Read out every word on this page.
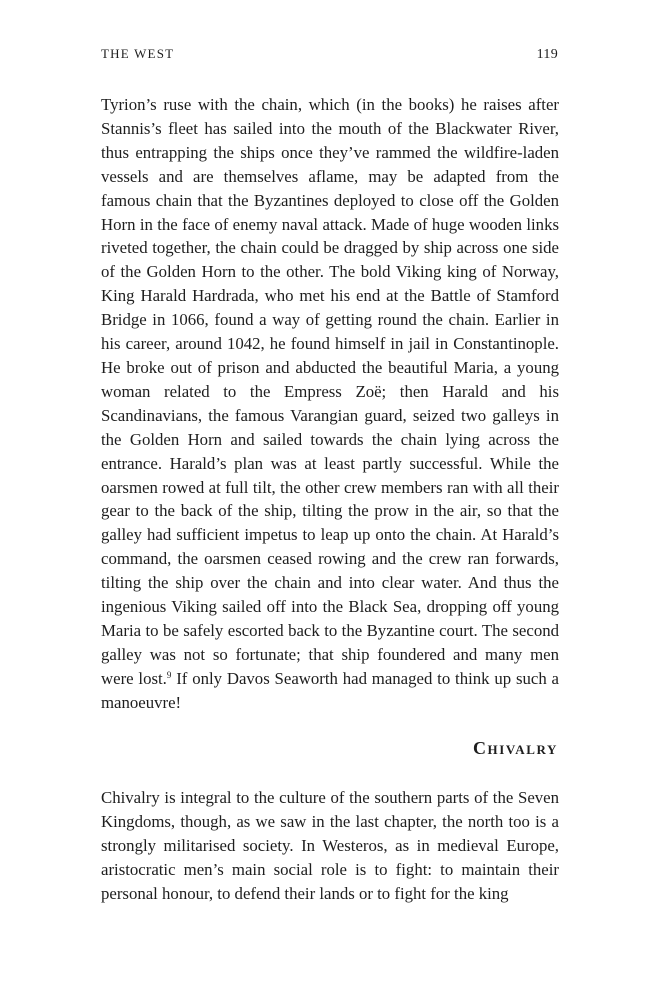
THE WEST	119

Tyrion’s ruse with the chain, which (in the books) he raises after Stannis’s fleet has sailed into the mouth of the Blackwater River, thus entrapping the ships once they’ve rammed the wildfire-laden vessels and are themselves aflame, may be adapted from the famous chain that the Byzantines deployed to close off the Golden Horn in the face of enemy naval attack. Made of huge wooden links riveted together, the chain could be dragged by ship across one side of the Golden Horn to the other. The bold Viking king of Norway, King Harald Hardrada, who met his end at the Battle of Stamford Bridge in 1066, found a way of getting round the chain. Earlier in his career, around 1042, he found himself in jail in Constantinople. He broke out of prison and abducted the beautiful Maria, a young woman related to the Empress Zoë; then Harald and his Scandinavians, the famous Varangian guard, seized two galleys in the Golden Horn and sailed towards the chain lying across the entrance. Harald’s plan was at least partly successful. While the oarsmen rowed at full tilt, the other crew members ran with all their gear to the back of the ship, tilting the prow in the air, so that the galley had sufficient impetus to leap up onto the chain. At Harald’s command, the oarsmen ceased rowing and the crew ran forwards, tilting the ship over the chain and into clear water. And thus the ingenious Viking sailed off into the Black Sea, dropping off young Maria to be safely escorted back to the Byzantine court. The second galley was not so fortunate; that ship foundered and many men were lost.$^9$ If only Davos Seaworth had managed to think up such a manoeuvre!

Chivalry

Chivalry is integral to the culture of the southern parts of the Seven Kingdoms, though, as we saw in the last chapter, the north too is a strongly militarised society. In Westeros, as in medieval Europe, aristocratic men’s main social role is to fight: to maintain their personal honour, to defend their lands or to fight for the king
